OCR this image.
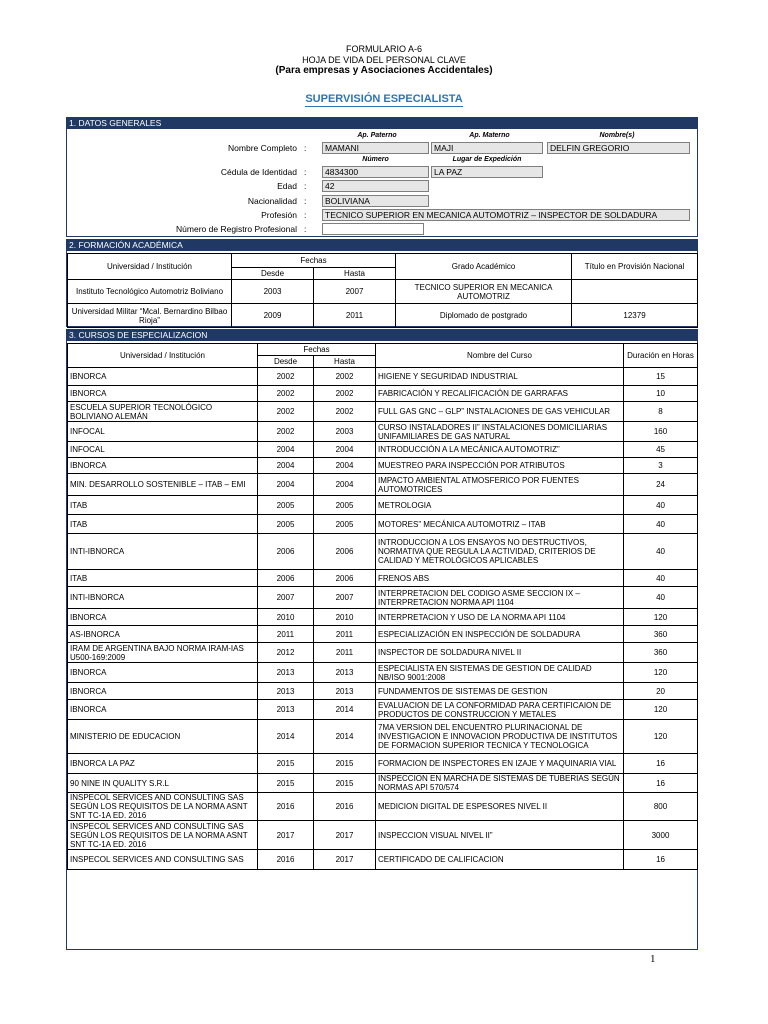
FORMULARIO A-6
HOJA DE VIDA DEL PERSONAL CLAVE
(Para empresas y Asociaciones Accidentales)
SUPERVISIÓN ESPECIALISTA
1. DATOS GENERALES
Ap. Paterno	Ap. Materno	Nombre(s)
Nombre Completo :	MAMANI	MAJI	DELFIN GREGORIO
Número	Lugar de Expedición
Cédula de Identidad :	4834300	LA PAZ
Edad :	42
Nacionalidad :	BOLIVIANA
Profesión :	TECNICO SUPERIOR EN MECANICA AUTOMOTRIZ – INSPECTOR DE SOLDADURA
Número de Registro Profesional :
2. FORMACIÓN ACADÉMICA
Universidad / Institución	Fechas		Grado Académico	Título en Provisión Nacional
	Desde	Hasta		
Instituto Tecnológico Automotriz Boliviano	2003	2007	TECNICO SUPERIOR EN MECANICA AUTOMOTRIZ	
Universidad Militar “Mcal. Bernardino Bilbao Rioja”	2009	2011	Diplomado de postgrado	12379
3. CURSOS DE ESPECIALIZACION
Universidad / Institución	Fechas		Nombre del Curso	Duración en Horas
	Desde	Hasta		
IBNORCA	2002	2002	HIGIENE Y SEGURIDAD INDUSTRIAL	15
IBNORCA	2002	2002	FABRICACIÓN Y RECALIFICACIÓN DE GARRAFAS	10
ESCUELA SUPERIOR TECNOLÓGICO BOLIVIANO ALEMÁN	2002	2002	FULL GAS GNC – GLP” INSTALACIONES DE GAS VEHICULAR	8
INFOCAL	2002	2003	CURSO INSTALADORES II” INSTALACIONES DOMICILIARIAS UNIFAMILIARES DE GAS NATURAL	160
INFOCAL	2004	2004	INTRODUCCIÓN A LA MECÁNICA AUTOMOTRIZ”	45
IBNORCA	2004	2004	MUESTREO PARA INSPECCIÓN POR ATRIBUTOS	3
MIN. DESARROLLO SOSTENIBLE – ITAB – EMI	2004	2004	IMPACTO AMBIENTAL ATMOSFERICO POR FUENTES AUTOMOTRICES	24
ITAB	2005	2005	METROLOGIA	40
ITAB	2005	2005	MOTORES” MECÁNICA AUTOMOTRIZ – ITAB	40
INTI-IBNORCA	2006	2006	INTRODUCCION A LOS ENSAYOS NO DESTRUCTIVOS, NORMATIVA QUE REGULA LA ACTIVIDAD, CRITERIOS DE CALIDAD Y METROLÓGICOS APLICABLES	40
ITAB	2006	2006	FRENOS ABS	40
INTI-IBNORCA	2007	2007	INTERPRETACION DEL CODIGO ASME SECCION IX – INTERPRETACION NORMA API 1104	40
IBNORCA	2010	2010	INTERPRETACION Y USO DE LA NORMA API 1104	120
AS-IBNORCA	2011	2011	ESPECIALIZACIÓN EN INSPECCIÓN DE SOLDADURA	360
IRAM DE ARGENTINA BAJO NORMA IRAM-IAS U500-169:2009	2012	2011	INSPECTOR DE SOLDADURA NIVEL II	360
IBNORCA	2013	2013	ESPECIALISTA EN SISTEMAS DE GESTION DE CALIDAD NB/ISO 9001:2008	120
IBNORCA	2013	2013	FUNDAMENTOS DE SISTEMAS DE GESTION	20
IBNORCA	2013	2014	EVALUACION DE LA CONFORMIDAD PARA CERTIFICAION DE PRODUCTOS DE CONSTRUCCION Y METALES	120
MINISTERIO DE EDUCACION	2014	2014	7MA VERSION DEL ENCUENTRO PLURINACIONAL DE INVESTIGACION E INNOVACION PRODUCTIVA DE INSTITUTOS DE FORMACION SUPERIOR TECNICA Y TECNOLOGICA	120
IBNORCA LA PAZ	2015	2015	FORMACION DE INSPECTORES EN IZAJE Y MAQUINARIA VIAL	16
90 NINE IN QUALITY S.R.L	2015	2015	INSPECCION EN MARCHA DE SISTEMAS DE TUBERIAS SEGÚN NORMAS API 570/574	16
INSPECOL SERVICES AND CONSULTING SAS SEGÚN LOS REQUISITOS DE LA NORMA ASNT SNT TC-1A ED. 2016	2016	2016	MEDICION DIGITAL DE ESPESORES NIVEL II	800
INSPECOL SERVICES AND CONSULTING SAS SEGÚN LOS REQUISITOS DE LA NORMA ASNT SNT TC-1A ED. 2016	2017	2017	INSPECCION VISUAL NIVEL II”	3000
INSPECOL SERVICES AND CONSULTING SAS	2016	2017	CERTIFICADO DE CALIFICACION	16
1
